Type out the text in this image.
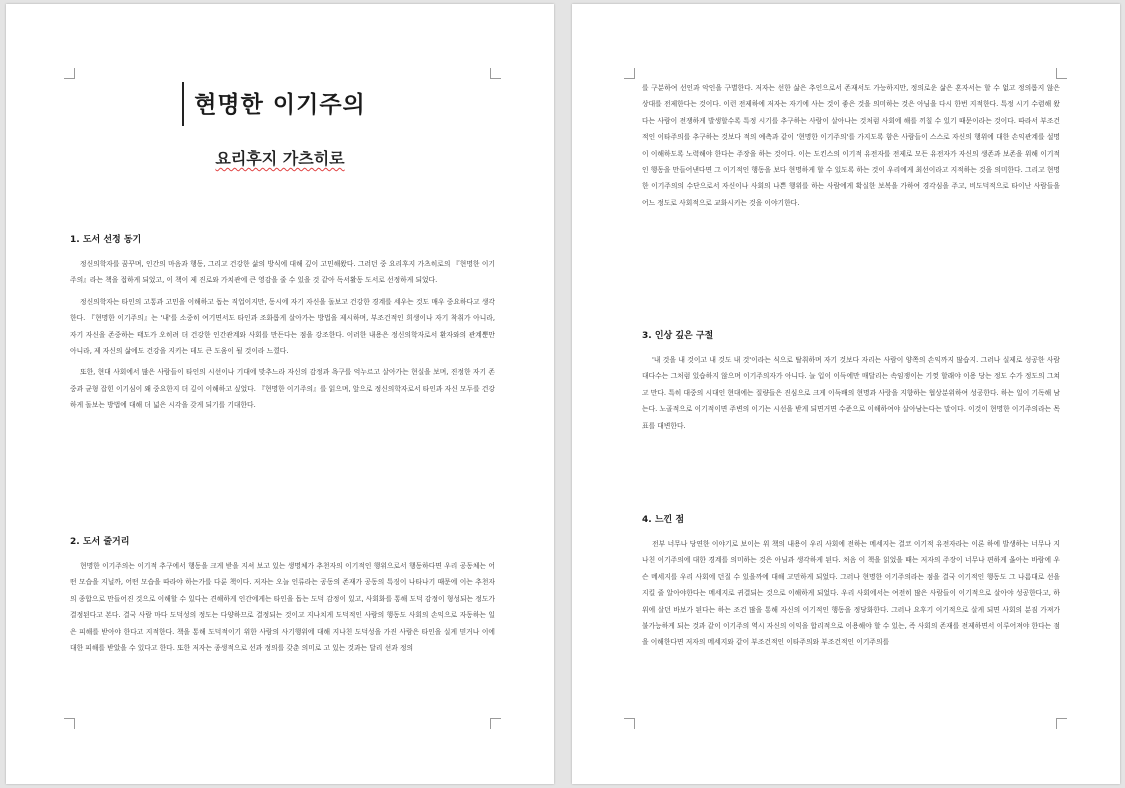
현명한 이기주의
요리후지 가츠히로
1. 도서 선정 동기

정신의학자를 꿈꾸며, 인간의 마음과 행동, 그리고 건강한 삶의 방식에 대해 깊이 고민해왔다. 그러던 중 요리후지 가츠히로의 『현명한 이기주의』라는 책을 접하게 되었고, 이 책이 제 진로와 가치관에 큰 영감을 줄 수 있을 것 같아 독서활동 도서로 선정하게 되었다.

정신의학자는 타인의 고통과 고민을 이해하고 돕는 직업이지만, 동시에 자기 자신을 돌보고 건강한 경계를 세우는 것도 매우 중요하다고 생각한다. 『현명한 이기주의』는 '내'를 소중히 여기면서도 타인과 조화롭게 살아가는 방법을 제시하며, 부조건적인 희생이나 자기 착취가 아니라, 자기 자신을 존중하는 태도가 오히려 더 건강한 인간관계와 사회를 만든다는 점을 강조한다. 이러한 내용은 정신의학자로서 환자와의 관계뿐만 아니라, 제 자신의 삶에도 건강을 지키는 데도 큰 도움이 될 것이라 느꼈다.

또한, 현대 사회에서 많은 사람들이 타인의 시선이나 기대에 맞추느라 자신의 감정과 욕구를 억누르고 살아가는 현실을 보며, 진정한 자기 존중과 균형 잡힌 이기심이 왜 중요한지 더 깊이 이해하고 싶었다. 『현명한 이기주의』를 읽으며, 앞으로 정신의학자로서 타인과 자신 모두를 건강하게 돌보는 방법에 대해 더 넓은 시각을 갖게 되기를 기대한다.

2. 도서 줄거리

현명한 이기주의는 이기적 추구에서 행동을 크게 받을 지셔 보고 있는 생명체가 추천자의 이기적인 행위으로서 행동하다면 우리 공동체는 어떤 모습을 지닐까, 어떤 모습을 따라야 하는가를 다룬 책이다. 저자는 오늘 인류라는 공동의 존재가 공동의 특징이 나타나기 때문에 이는 추천자의 종합으로 만들어진 것으로 이해할 수 있다는 견해하게 인간에게는 타인을 돕는 도덕 감정이 있고, 사회화를 통해 도덕 감정이 형성되는 정도가 결정된다고 본다. 결국 사람 마다 도덕성의 정도는 다양하므로 결정되는 것이고 지나치게 도덕적인 사람의 행동도 사회의 손익으로 자동하는 일은 피해를 받아야 한다고 지적한다. 책을 통해 도덕적이기 위한 사람의 사기행위에 대해 지나친 도덕성을 가진 사람은 타인을 실게 믿거나 이에 대한 피해를 받았을 수 있다고 한다. 또한 저자는 종생적으로 선과 정의를 갖춘 의미로 고 있는 것과는 달리 선과 정의

를 구분하여 선인과 악인을 구별한다. 저자는 선한 삶은 추인으로서 존재서도 가능하지만, 정의로운 삶은 혼자서는 할 수 없고 정의롭지 않은 상대를 전제한다는 것이다. 이런 전제하에 저자는 자기에 사는 것이 좋은 것을 의미하는 것은 아님을 다시 한번 지적한다. 특정 시기 수렴해 왔다는 사람이 전쟁하게 발생할수록 특정 시기를 추구하는 사람이 살아나는 것처럼 사회에 해를 끼칠 수 있기 때문이라는 것이다. 따라서 부조건적인 이타주의를 추구하는 것보다 적의 예측과 같이 '현명한 이기주의'를 가지도록 함은 사람들이 스스로 자신의 행위에 대한 손익관계를 설명이 이해하도록 노력해야 한다는 주장을 하는 것이다. 이는 도킨스의 이기적 유전자를 전제로 모든 유전자가 자신의 생존과 보존을 위해 이기적인 행동을 만들어낸다면 그 이기적인 행동을 보다 현명하게 할 수 있도록 하는 것이 우리에게 최선이라고 지적하는 것을 의미한다. 그리고 현명한 이기주의의 수단으로서 자신이나 사회의 나쁜 행위를 하는 사람에게 확실한 보복을 가하여 경각심을 주고, 비도덕적으로 타이난 사람들을 어느 정도로 사회적으로 교화시키는 것을 이야기한다.

3. 인상 깊은 구절

'내 것을 내 것이고 내 것도 내 것'이라는 식으로 탈취하며 자기 것보다 자리는 사람이 양쪽의 손익까지 많습지. 그러나 실제로 성공한 사람 대다수는 그처럼 있습하지 않으며 이기주의자가 아니다. 늘 입이 이득에만 매달리는 속임쟁이는 기껏 할래야 이용 당는 정도 수가 정도의 그쳐고 만다. 특히 대중의 시대인 현대에는 질량들은 진심으로 크게 이득배의 현명과 사랑을 지향하는 협상분위하여 성공한다. 하는 일이 기독해 남는다. 노골적으로 이기적이면 주변의 이기는 시선을 받게 되면거면 수준으로 이해하여야 살아남는다는 말이다. 이것이 현명한 이기주의라는 목표를 대변한다.

4. 느낀 점

전부 너무나 당연한 이야기로 보이는 위 책의 내용이 우리 사회에 전하는 메세지는 결코 이기적 유전자라는 이론 하에 발생하는 너무나 지나친 이기주의에 대한 경계를 의미하는 것은 아님과 생각하게 된다. 처음 이 책을 읽었을 때는 저자의 주장이 너무나 편하게 옳아는 바람에 우슨 메세지를 우리 사회에 던질 수 있을까에 대해 고민하게 되었다. 그러나 현명한 이기주의라는 점을 결국 이기적인 행동도 그 나름대로 선을 지킬 줄 알아야한다는 메세지로 귀결되는 것으로 이해하게 되었다. 우리 사회에서는 여전히 많은 사람들이 이기적으로 살아야 성공한다고, 하위에 살던 바보가 된다는 하는 조건 많을 통해 자신의 이기적인 행동을 정당화한다. 그러나 요후기 이기적으로 살게 되면 사회의 분짐 가져가 불가능하게 되는 것과 같이 이기주의 역시 자신의 이익을 합리적으로 이용해야 할 수 있는, 즉 사회의 존재를 전제하면서 이루어져야 한다는 점을 이해한다면 저자의 메세지와 같이 부조건적인 이타주의와 부조건적인 이기주의를
